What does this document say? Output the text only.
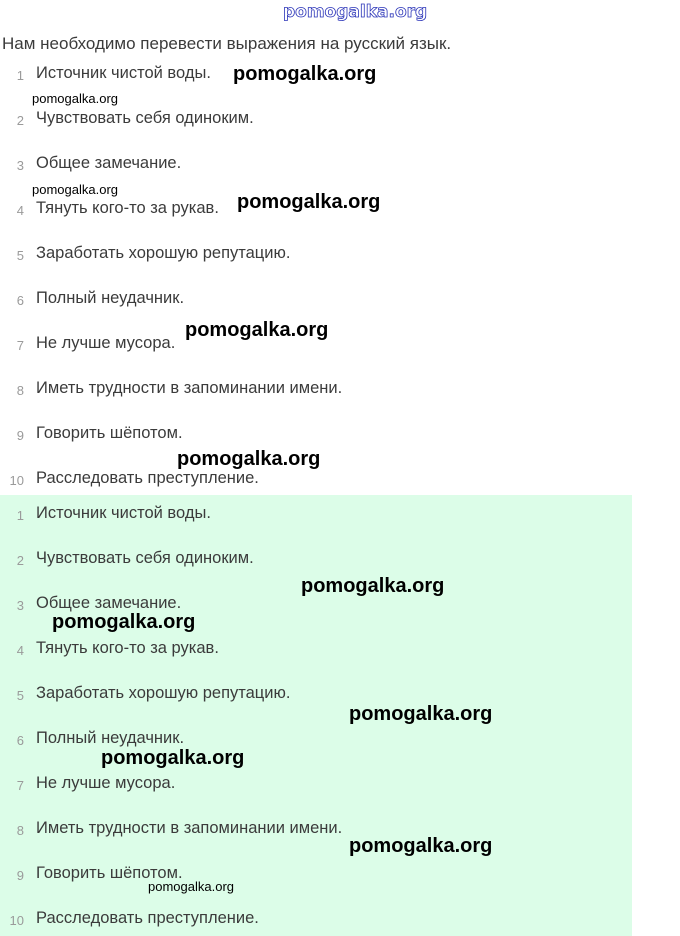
pomogalka.org
Нам необходимо перевести выражения на русский язык.
1 Источник чистой воды.
2 Чувствовать себя одиноким.
3 Общее замечание.
4 Тянуть кого-то за рукав.
5 Заработать хорошую репутацию.
6 Полный неудачник.
7 Не лучше мусора.
8 Иметь трудности в запоминании имени.
9 Говорить шёпотом.
10 Расследовать преступление.
1 Источник чистой воды.
2 Чувствовать себя одиноким.
3 Общее замечание.
4 Тянуть кого-то за рукав.
5 Заработать хорошую репутацию.
6 Полный неудачник.
7 Не лучше мусора.
8 Иметь трудности в запоминании имени.
9 Говорить шёпотом.
10 Расследовать преступление.
pomogalka.org
pomogalka.org
pomogalka.org
pomogalka.org
pomogalka.org
pomogalka.org
pomogalka.org
pomogalka.org
pomogalka.org
pomogalka.org
pomogalka.org
pomogalka.org
